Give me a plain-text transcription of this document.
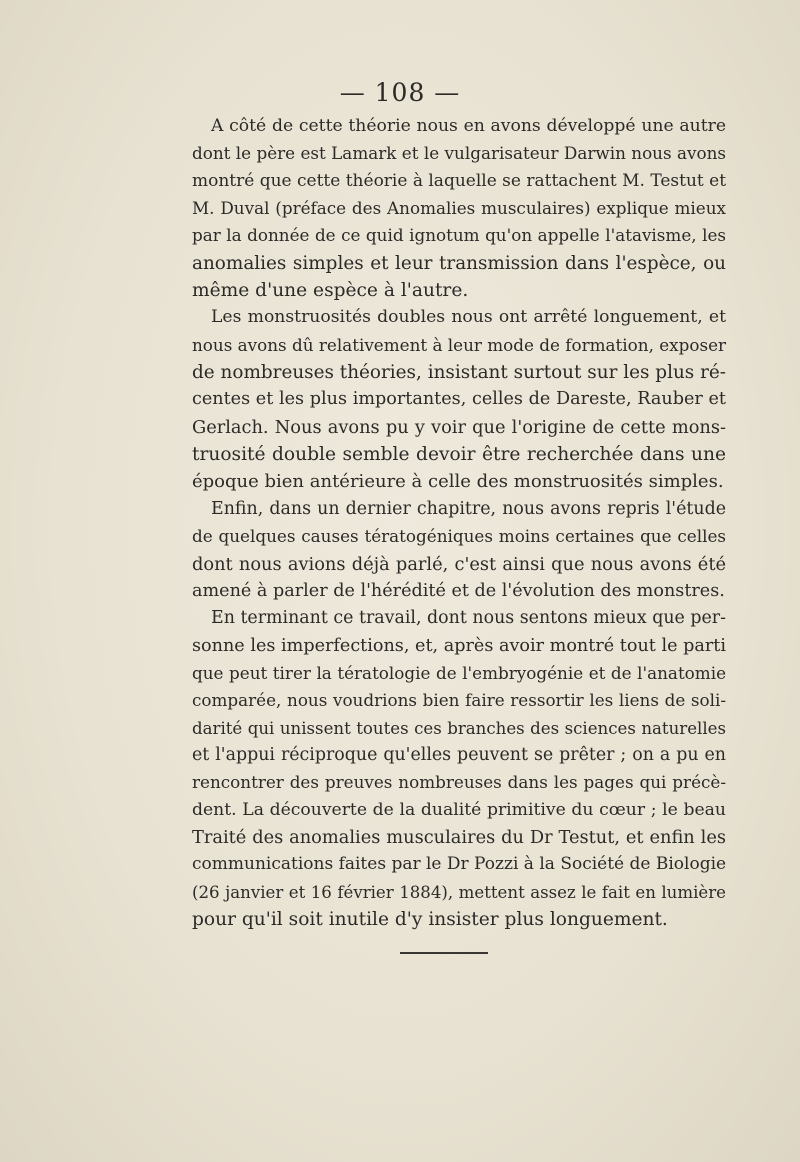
— 108 —
A côté de cette théorie nous en avons développé une autre
dont le père est Lamark et le vulgarisateur Darwin nous avons
montré que cette théorie à laquelle se rattachent M. Testut et
M. Duval (préface des Anomalies musculaires) explique mieux
par la donnée de ce quid ignotum qu'on appelle l'atavisme, les
anomalies simples et leur transmission dans l'espèce, ou
même d'une espèce à l'autre.
Les monstruosités doubles nous ont arrêté longuement, et
nous avons dû relativement à leur mode de formation, exposer
de nombreuses théories, insistant surtout sur les plus ré-
centes et les plus importantes, celles de Dareste, Rauber et
Gerlach. Nous avons pu y voir que l'origine de cette mons-
truosité double semble devoir être recherchée dans une
époque bien antérieure à celle des monstruosités simples.
Enfin, dans un dernier chapitre, nous avons repris l'étude
de quelques causes tératogéniques moins certaines que celles
dont nous avions déjà parlé, c'est ainsi que nous avons été
amené à parler de l'hérédité et de l'évolution des monstres.
En terminant ce travail, dont nous sentons mieux que per-
sonne les imperfections, et, après avoir montré tout le parti
que peut tirer la tératologie de l'embryogénie et de l'anatomie
comparée, nous voudrions bien faire ressortir les liens de soli-
darité qui unissent toutes ces branches des sciences naturelles
et l'appui réciproque qu'elles peuvent se prêter ; on a pu en
rencontrer des preuves nombreuses dans les pages qui précè-
dent. La découverte de la dualité primitive du cœur ; le beau
Traité des anomalies musculaires du Dr Testut, et enfin les
communications faites par le Dr Pozzi à la Société de Biologie
(26 janvier et 16 février 1884), mettent assez le fait en lumière
pour qu'il soit inutile d'y insister plus longuement.
